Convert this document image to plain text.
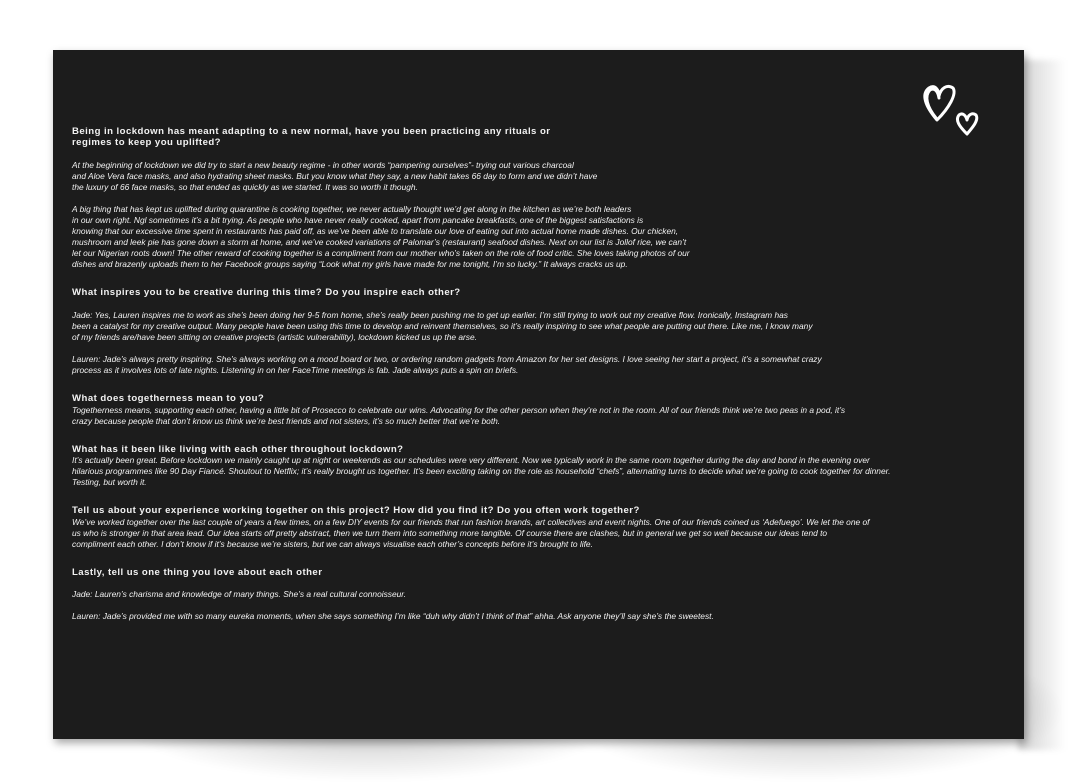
Being in lockdown has meant adapting to a new normal, have you been practicing any rituals or
regimes to keep you uplifted?

At the beginning of lockdown we did try to start a new beauty regime - in other words “pampering ourselves”- trying out various charcoal
and Aloe Vera face masks, and also hydrating sheet masks. But you know what they say, a new habit takes 66 day to form and we didn’t have
the luxury of 66 face masks, so that ended as quickly as we started. It was so worth it though.

A big thing that has kept us uplifted during quarantine is cooking together, we never actually thought we’d get along in the kitchen as we’re both leaders
in our own right. Ngl sometimes it’s a bit trying. As people who have never really cooked, apart from pancake breakfasts, one of the biggest satisfactions is
knowing that our excessive time spent in restaurants has paid off, as we’ve been able to translate our love of eating out into actual home made dishes. Our chicken,
mushroom and leek pie has gone down a storm at home, and we’ve cooked variations of Palomar’s (restaurant) seafood dishes. Next on our list is Jollof rice, we can’t
let our Nigerian roots down! The other reward of cooking together is a compliment from our mother who’s taken on the role of food critic. She loves taking photos of our
dishes and brazenly uploads them to her Facebook groups saying “Look what my girls have made for me tonight, I’m so lucky.” It always cracks us up.

What inspires you to be creative during this time? Do you inspire each other?

Jade: Yes, Lauren inspires me to work as she’s been doing her 9-5 from home, she’s really been pushing me to get up earlier. I’m still trying to work out my creative flow. Ironically, Instagram has
been a catalyst for my creative output. Many people have been using this time to develop and reinvent themselves, so it’s really inspiring to see what people are putting out there. Like me, I know many
of my friends are/have been sitting on creative projects (artistic vulnerability), lockdown kicked us up the arse.

Lauren: Jade’s always pretty inspiring. She’s always working on a mood board or two, or ordering random gadgets from Amazon for her set designs. I love seeing her start a project, it’s a somewhat crazy
process as it involves lots of late nights. Listening in on her FaceTime meetings is fab. Jade always puts a spin on briefs.

What does togetherness mean to you?

Togetherness means, supporting each other, having a little bit of Prosecco to celebrate our wins. Advocating for the other person when they’re not in the room. All of our friends think we’re two peas in a pod, it’s
crazy because people that don’t know us think we’re best friends and not sisters, it’s so much better that we’re both.

What has it been like living with each other throughout lockdown?

It’s actually been great. Before lockdown we mainly caught up at night or weekends as our schedules were very different. Now we typically work in the same room together during the day and bond in the evening over
hilarious programmes like 90 Day Fiancé. Shoutout to Netflix; it’s really brought us together. It’s been exciting taking on the role as household “chefs”, alternating turns to decide what we’re going to cook together for dinner.
Testing, but worth it.

Tell us about your experience working together on this project? How did you find it? Do you often work together?

We’ve worked together over the last couple of years a few times, on a few DIY events for our friends that run fashion brands, art collectives and event nights. One of our friends coined us ‘Adefuego’. We let the one of
us who is stronger in that area lead. Our idea starts off pretty abstract, then we turn them into something more tangible. Of course there are clashes, but in general we get so well because our ideas tend to
compliment each other. I don’t know if it’s because we’re sisters, but we can always visualise each other’s concepts before it’s brought to life.

Lastly, tell us one thing you love about each other

Jade: Lauren’s charisma and knowledge of many things. She’s a real cultural connoisseur.

Lauren: Jade’s provided me with so many eureka moments, when she says something I’m like “duh why didn’t I think of that” ahha. Ask anyone they’ll say she’s the sweetest.
